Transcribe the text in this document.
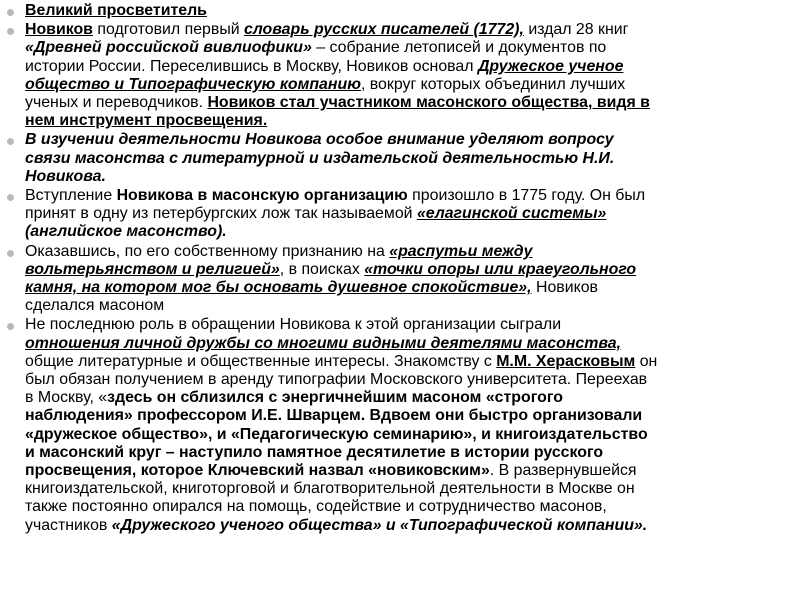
Великий просветитель
Новиков подготовил первый словарь русских писателей (1772), издал 28 книг
«Древней российской вивлиофики» – собрание летописей и документов по
истории России. Переселившись в Москву, Новиков основал Дружеское ученое
общество и Типографическую компанию, вокруг которых объединил лучших
ученых и переводчиков. Новиков стал участником масонского общества, видя в
нем инструмент просвещения.
В изучении деятельности Новикова особое внимание уделяют вопросу
связи масонства с литературной и издательской деятельностью Н.И.
Новикова.
Вступление Новикова в масонскую организацию произошло в 1775 году. Он был
принят в одну из петербургских лож так называемой «елагинской системы»
(английское масонство).
Оказавшись, по его собственному признанию на «распутьи между
вольтерьянством и религией», в поисках «точки опоры или краеугольного
камня, на котором мог бы основать душевное спокойствие», Новиков
сделался масоном
Не последнюю роль в обращении Новикова к этой организации сыграли
отношения личной дружбы со многими видными деятелями масонства,
общие литературные и общественные интересы. Знакомству с М.М. Херасковым он
был обязан получением в аренду типографии Московского университета. Переехав
в Москву, «здесь он сблизился с энергичнейшим масоном «строгого
наблюдения» профессором И.Е. Шварцем. Вдвоем они быстро организовали
«дружеское общество», и «Педагогическую семинарию», и книгоиздательство
и масонский круг – наступило памятное десятилетие в истории русского
просвещения, которое Ключевский назвал «новиковским». В развернувшейся
книгоиздательской, книготорговой и благотворительной деятельности в Москве он
также постоянно опирался на помощь, содействие и сотрудничество масонов,
участников «Дружеского ученого общества» и «Типографической компании».
